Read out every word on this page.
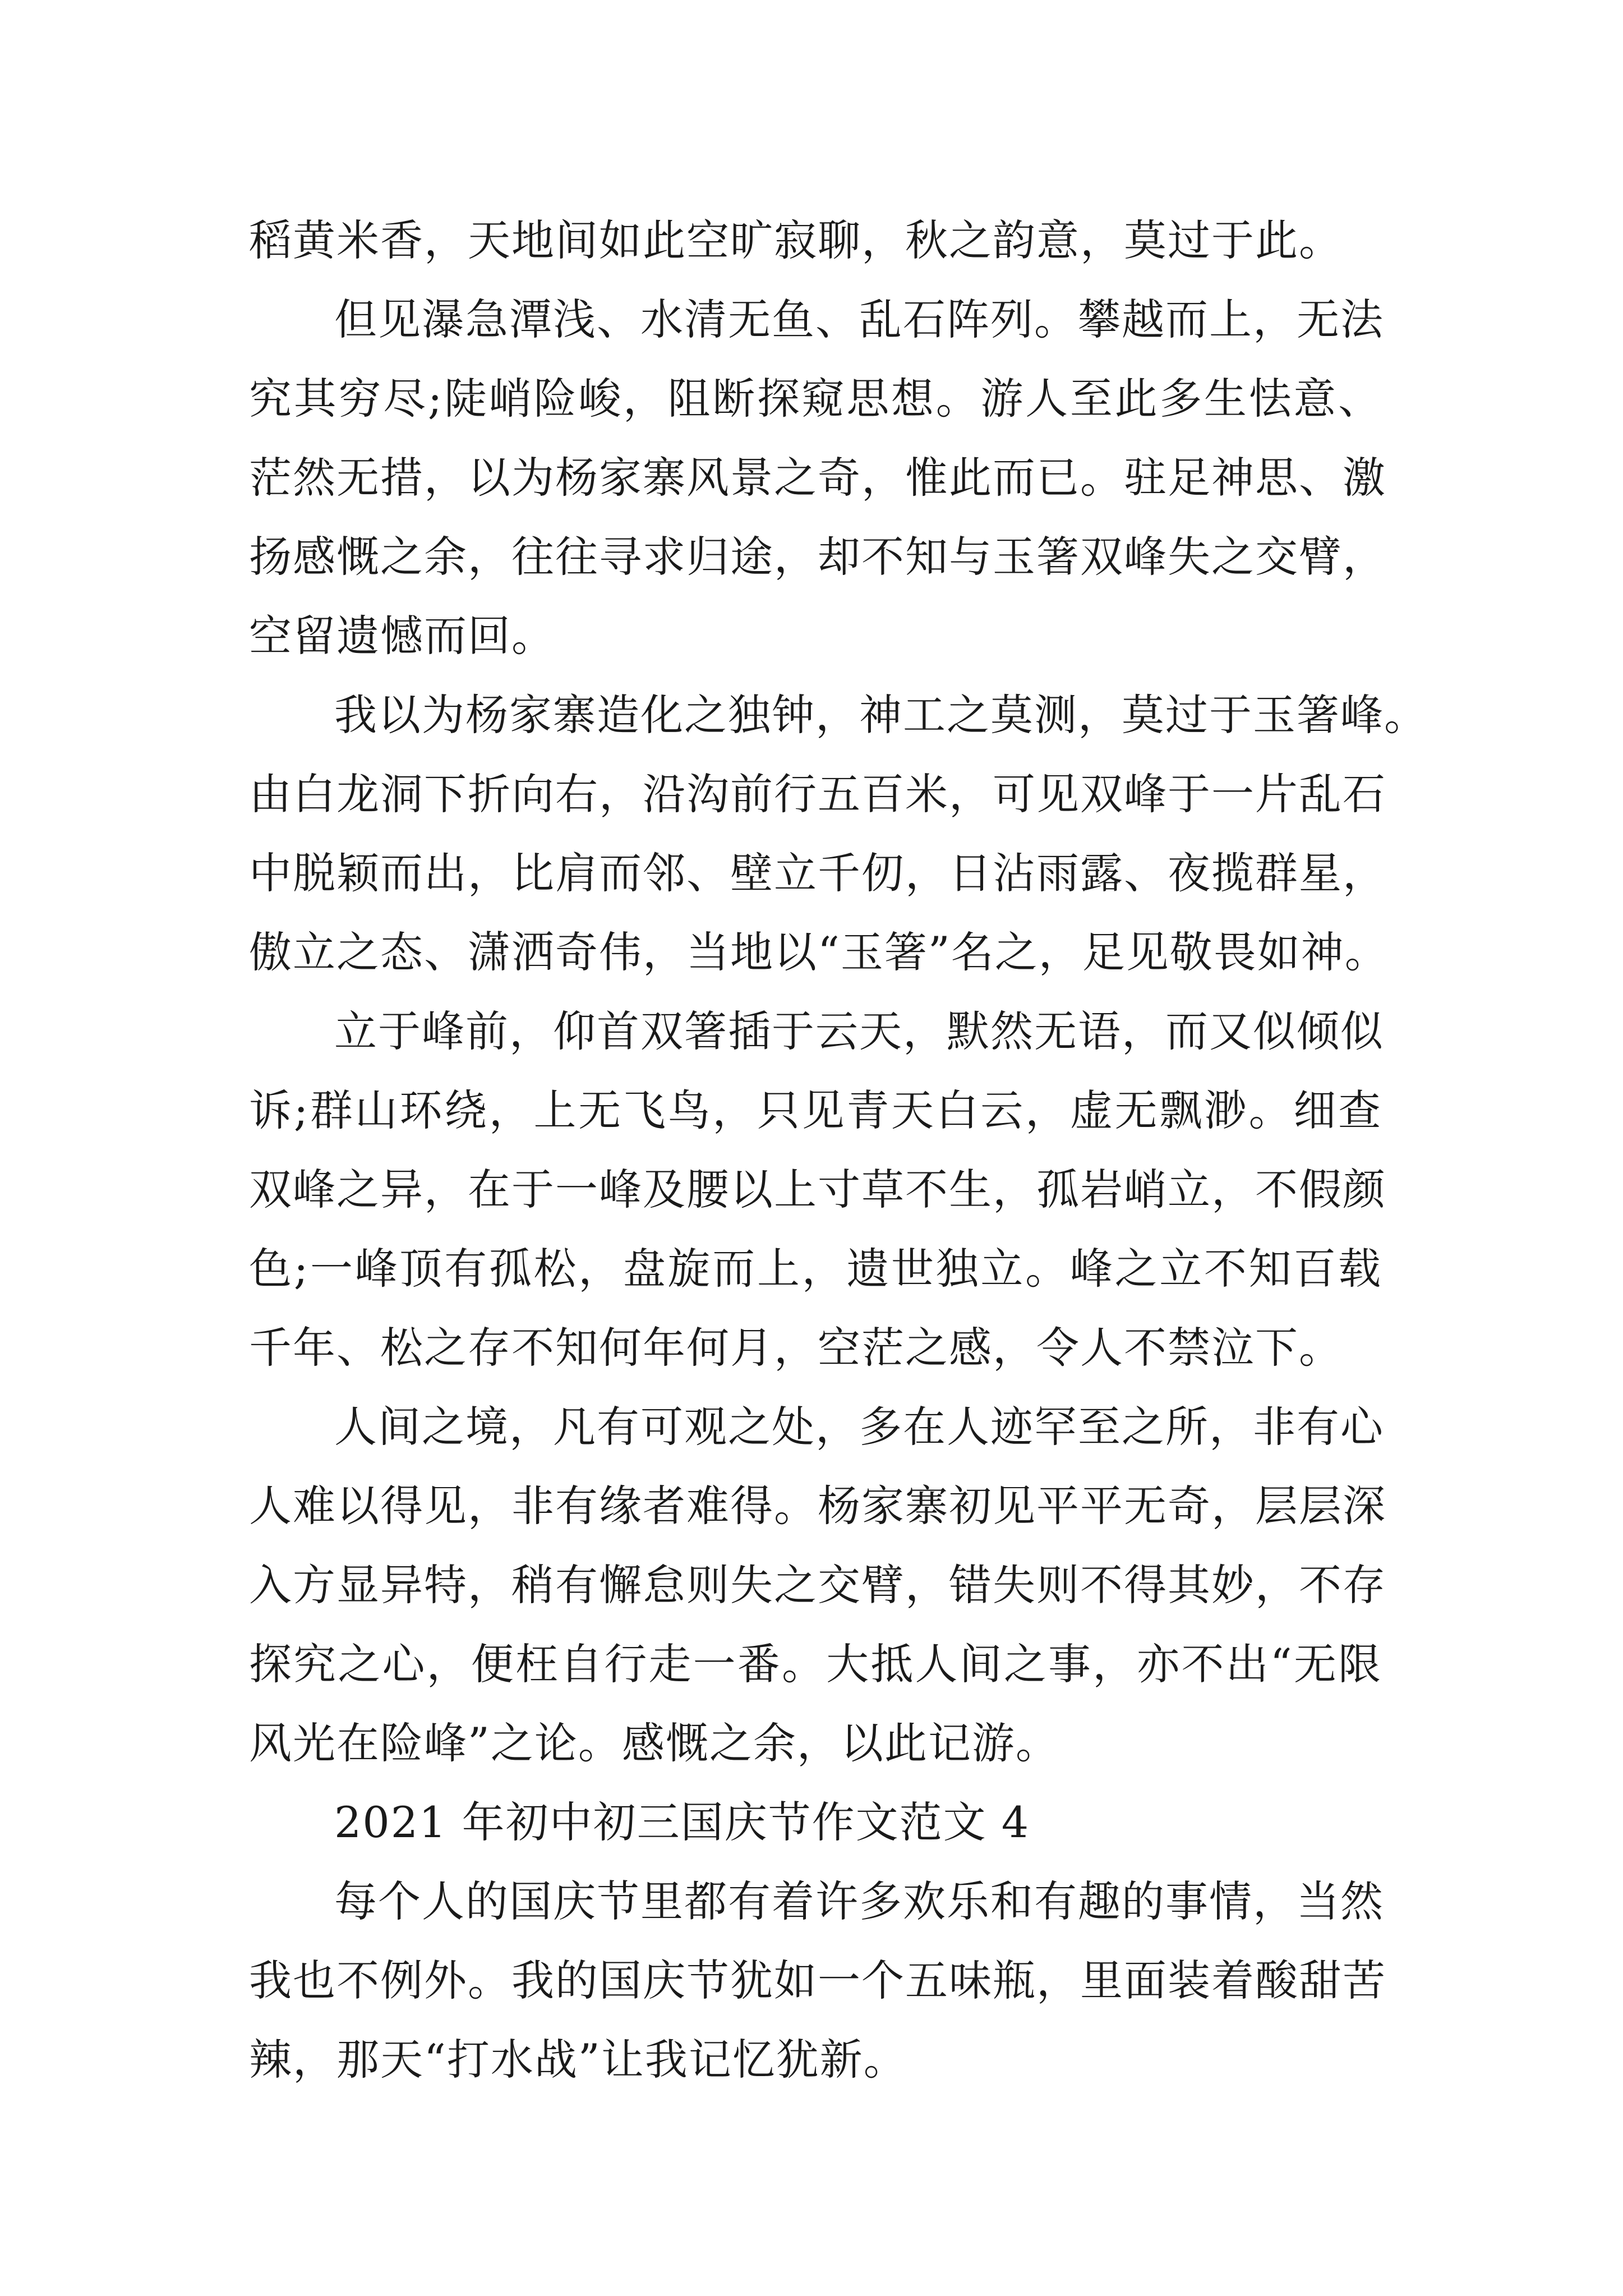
稻黄米香，天地间如此空旷寂聊，秋之韵意，莫过于此。
但见瀑急潭浅、水清无鱼、乱石阵列。攀越而上，无法
究其穷尽;陡峭险峻，阻断探窥思想。游人至此多生怯意、
茫然无措，以为杨家寨风景之奇，惟此而已。驻足神思、激
扬感慨之余，往往寻求归途，却不知与玉箸双峰失之交臂，
空留遗憾而回。
我以为杨家寨造化之独钟，神工之莫测，莫过于玉箸峰。
由白龙洞下折向右，沿沟前行五百米，可见双峰于一片乱石
中脱颖而出，比肩而邻、壁立千仞，日沾雨露、夜揽群星，
傲立之态、潇洒奇伟，当地以“玉箸”名之，足见敬畏如神。
立于峰前，仰首双箸插于云天，默然无语，而又似倾似
诉;群山环绕，上无飞鸟，只见青天白云，虚无飘渺。细查
双峰之异，在于一峰及腰以上寸草不生，孤岩峭立，不假颜
色;一峰顶有孤松，盘旋而上，遗世独立。峰之立不知百载
千年、松之存不知何年何月，空茫之感，令人不禁泣下。
人间之境，凡有可观之处，多在人迹罕至之所，非有心
人难以得见，非有缘者难得。杨家寨初见平平无奇，层层深
入方显异特，稍有懈怠则失之交臂，错失则不得其妙，不存
探究之心，便枉自行走一番。大抵人间之事，亦不出“无限
风光在险峰”之论。感慨之余，以此记游。
2021 年初中初三国庆节作文范文 4
每个人的国庆节里都有着许多欢乐和有趣的事情，当然
我也不例外。我的国庆节犹如一个五味瓶，里面装着酸甜苦
辣，那天“打水战”让我记忆犹新。
